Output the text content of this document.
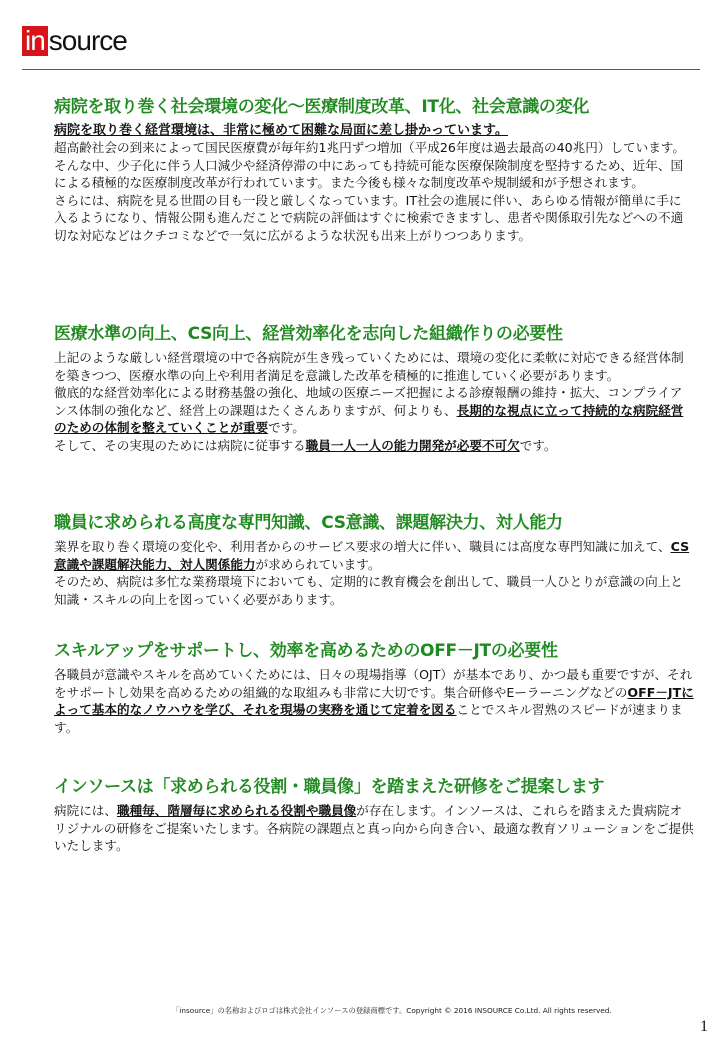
in source
病院を取り巻く社会環境の変化～医療制度改革、IT化、社会意識の変化
病院を取り巻く経営環境は、非常に極めて困難な局面に差し掛かっています。

超高齢社会の到来によって国民医療費が毎年約1兆円ずつ増加（平成26年度は過去最高の40兆円）しています。そんな中、少子化に伴う人口減少や経済停滞の中にあっても持続可能な医療保険制度を堅持するため、近年、国による積極的な医療制度改革が行われています。また今後も様々な制度改革や規制緩和が予想されます。

さらには、病院を見る世間の目も一段と厳しくなっています。IT社会の進展に伴い、あらゆる情報が簡単に手に入るようになり、情報公開も進んだことで病院の評価はすぐに検索できますし、患者や関係取引先などへの不適切な対応などはクチコミなどで一気に広がるような状況も出来上がりつつあります。

医療水準の向上、CS向上、経営効率化を志向した組織作りの必要性

上記のような厳しい経営環境の中で各病院が生き残っていくためには、環境の変化に柔軟に対応できる経営体制を築きつつ、医療水準の向上や利用者満足を意識した改革を積極的に推進していく必要があります。

徹底的な経営効率化による財務基盤の強化、地域の医療ニーズ把握による診療報酬の維持・拡大、コンプライアンス体制の強化など、経営上の課題はたくさんありますが、何よりも、長期的な視点に立って持続的な病院経営のための体制を整えていくことが重要です。

そして、その実現のためには病院に従事する職員一人一人の能力開発が必要不可欠です。

職員に求められる高度な専門知識、CS意識、課題解決力、対人能力

業界を取り巻く環境の変化や、利用者からのサービス要求の増大に伴い、職員には高度な専門知識に加えて、CS意識や課題解決能力、対人関係能力が求められています。

そのため、病院は多忙な業務環境下においても、定期的に教育機会を創出して、職員一人ひとりが意識の向上と知識・スキルの向上を図っていく必要があります。

スキルアップをサポートし、効率を高めるためのOFF－JTの必要性

各職員が意識やスキルを高めていくためには、日々の現場指導（OJT）が基本であり、かつ最も重要ですが、それをサポートし効果を高めるための組織的な取組みも非常に大切です。集合研修やEーラーニングなどのOFF－JTによって基本的なノウハウを学び、それを現場の実務を通じて定着を図ることでスキル習熟のスピードが速まります。

インソースは「求められる役割・職員像」を踏まえた研修をご提案します

病院には、職種毎、階層毎に求められる役割や職員像が存在します。インソースは、これらを踏まえた貴病院オリジナルの研修をご提案いたします。各病院の課題点と真っ向から向き合い、最適な教育ソリューションをご提供いたします。

「insource」の名称およびロゴは株式会社インソースの登録商標です。Copyright © 2016 INSOURCE Co.Ltd. All rights reserved.
1
